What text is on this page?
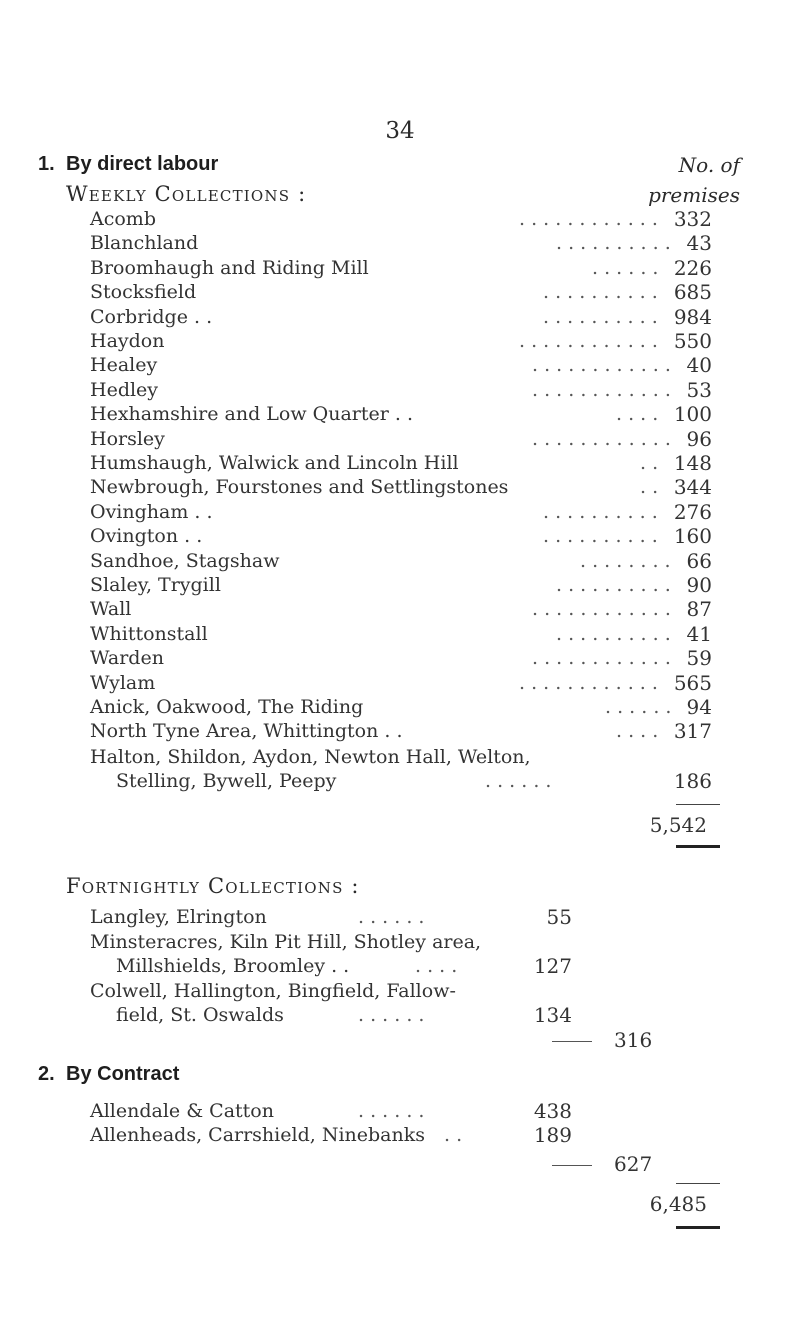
34
1. By direct labour
Weekly Collections :
No. of
premises
Acomb	. . . . . . . . . . . . 332
Blanchland	. . . . . . . . . . 43
Broomhaugh and Riding Mill	. . . . . . 226
Stocksfield	. . . . . . . . . . 685
Corbridge . .	. . . . . . . . . . 984
Haydon	. . . . . . . . . . . . 550
Healey	. . . . . . . . . . . . 40
Hedley	. . . . . . . . . . . . 53
Hexhamshire and Low Quarter . .	. . . . 100
Horsley	. . . . . . . . . . . . 96
Humshaugh, Walwick and Lincoln Hill	. . 148
Newbrough, Fourstones and Settlingstones	. . 344
Ovingham . .	. . . . . . . . . . 276
Ovington . .	. . . . . . . . . . 160
Sandhoe, Stagshaw	. . . . . . . . 66
Slaley, Trygill	. . . . . . . . . . 90
Wall	. . . . . . . . . . . . 87
Whittonstall	. . . . . . . . . . 41
Warden	. . . . . . . . . . . . 59
Wylam	. . . . . . . . . . . . 565
Anick, Oakwood, The Riding	. . . . . . 94
North Tyne Area, Whittington . .	. . . . 317
Halton, Shildon, Aydon, Newton Hall, Welton,
Stelling, Bywell, Peepy	. . . . . .	186
5,542
Fortnightly Collections :
Langley, Elrington	. . . . . .	55
Minsteracres, Kiln Pit Hill, Shotley area,
Millshields, Broomley . .	. . . .	127
Colwell, Hallington, Bingfield, Fallow-
field, St. Oswalds	. . . . . .	134
316
2. By Contract
Allendale & Catton	. . . . . .	438
Allenheads, Carrshield, Ninebanks . .	189
627
6,485
